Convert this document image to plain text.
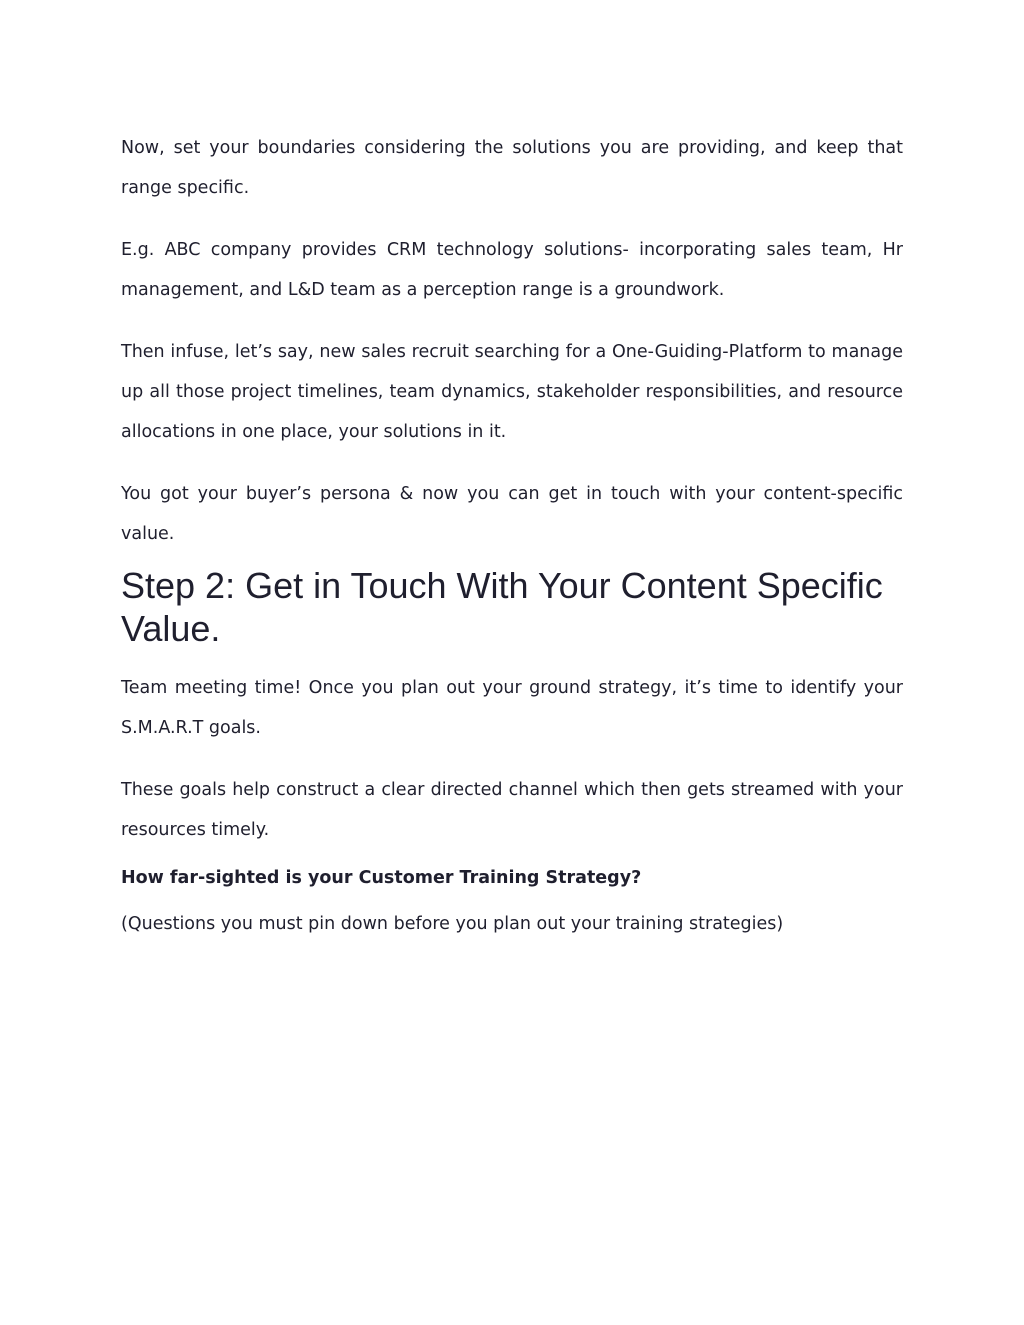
Now, set your boundaries considering the solutions you are providing, and keep that range specific.

E.g. ABC company provides CRM technology solutions- incorporating sales team, Hr management, and L&D team as a perception range is a groundwork.

Then infuse, let’s say, new sales recruit searching for a One-Guiding-Platform to manage up all those project timelines, team dynamics, stakeholder responsibilities, and resource allocations in one place, your solutions in it.

You got your buyer’s persona & now you can get in touch with your content-specific value.

Step 2: Get in Touch With Your Content Specific Value.

Team meeting time! Once you plan out your ground strategy, it’s time to identify your S.M.A.R.T goals.

These goals help construct a clear directed channel which then gets streamed with your resources timely.

How far-sighted is your Customer Training Strategy?

(Questions you must pin down before you plan out your training strategies)
